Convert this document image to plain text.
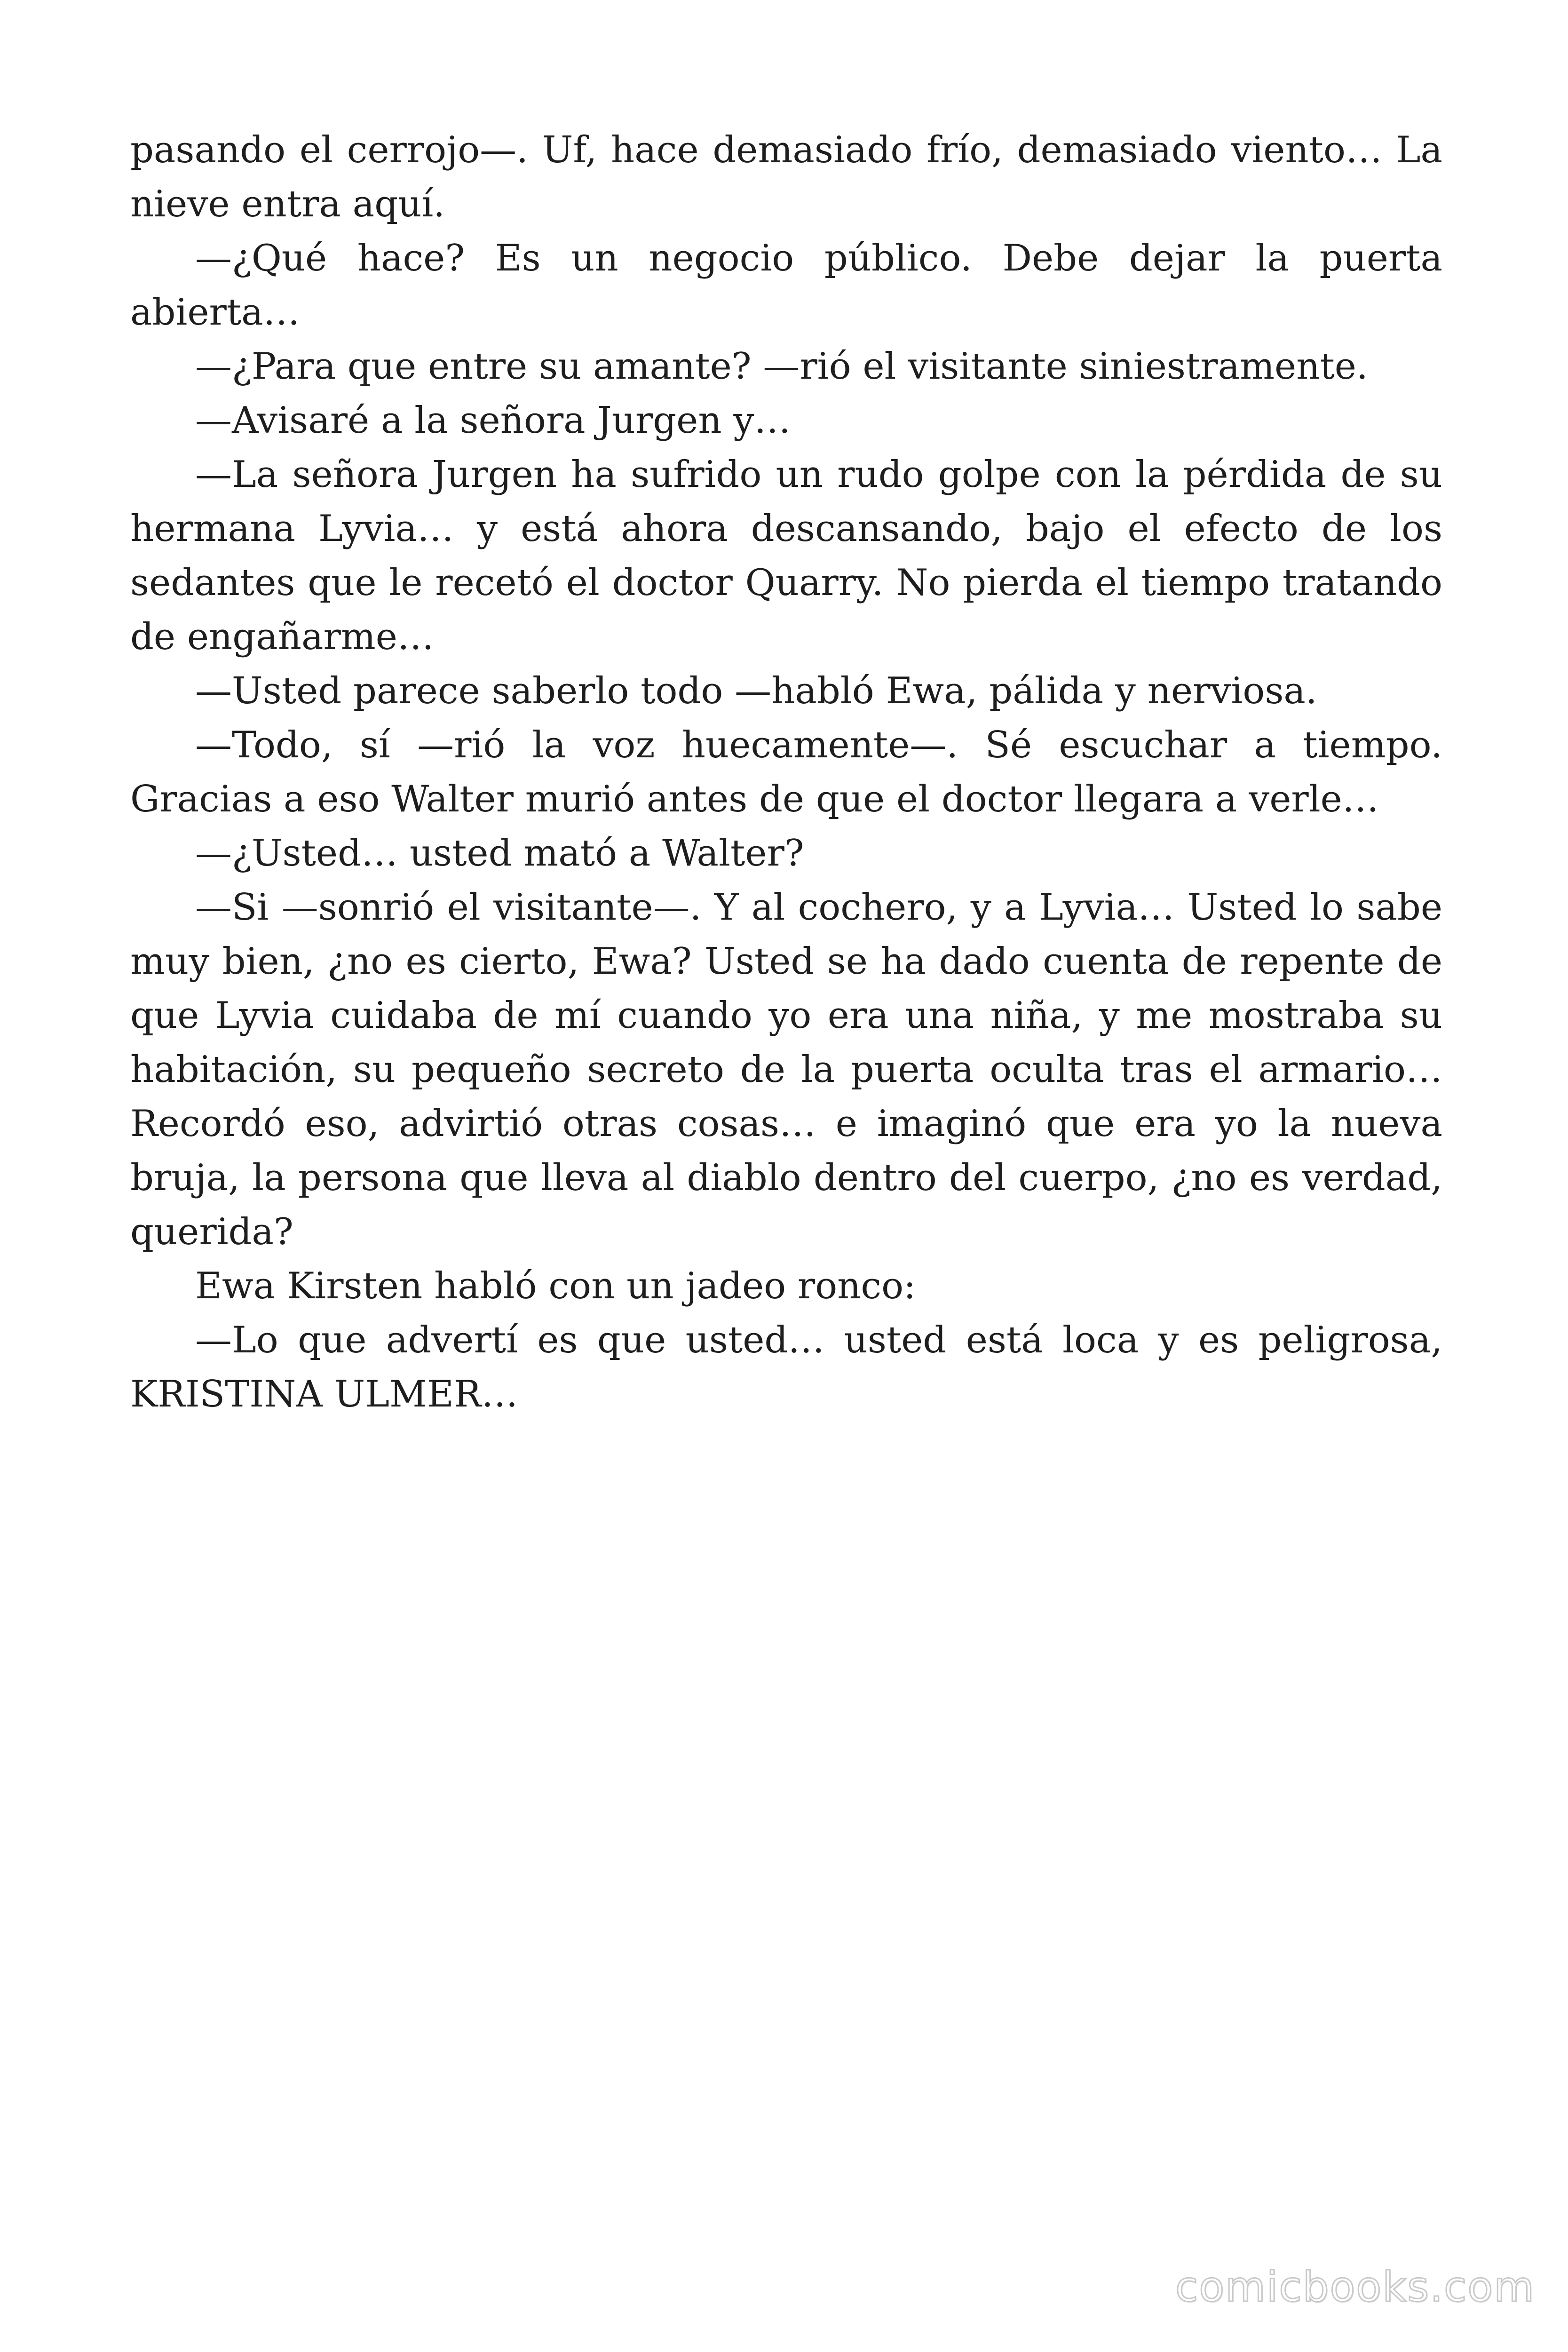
pasando el cerrojo—. Uf, hace demasiado frío, demasiado viento… La nieve entra aquí.

—¿Qué hace? Es un negocio público. Debe dejar la puerta abierta…

—¿Para que entre su amante? —rió el visitante siniestramente.

—Avisaré a la señora Jurgen y…

—La señora Jurgen ha sufrido un rudo golpe con la pérdida de su hermana Lyvia… y está ahora descansando, bajo el efecto de los sedantes que le recetó el doctor Quarry. No pierda el tiempo tratando de engañarme…

—Usted parece saberlo todo —habló Ewa, pálida y nerviosa.

—Todo, sí —rió la voz huecamente—. Sé escuchar a tiempo. Gracias a eso Walter murió antes de que el doctor llegara a verle…

—¿Usted… usted mató a Walter?

—Si —sonrió el visitante—. Y al cochero, y a Lyvia… Usted lo sabe muy bien, ¿no es cierto, Ewa? Usted se ha dado cuenta de repente de que Lyvia cuidaba de mí cuando yo era una niña, y me mostraba su habitación, su pequeño secreto de la puerta oculta tras el armario… Recordó eso, advirtió otras cosas… e imaginó que era yo la nueva bruja, la persona que lleva al diablo dentro del cuerpo, ¿no es verdad, querida?

Ewa Kirsten habló con un jadeo ronco:

—Lo que advertí es que usted… usted está loca y es peligrosa, KRISTINA ULMER…

comicbooks.com
